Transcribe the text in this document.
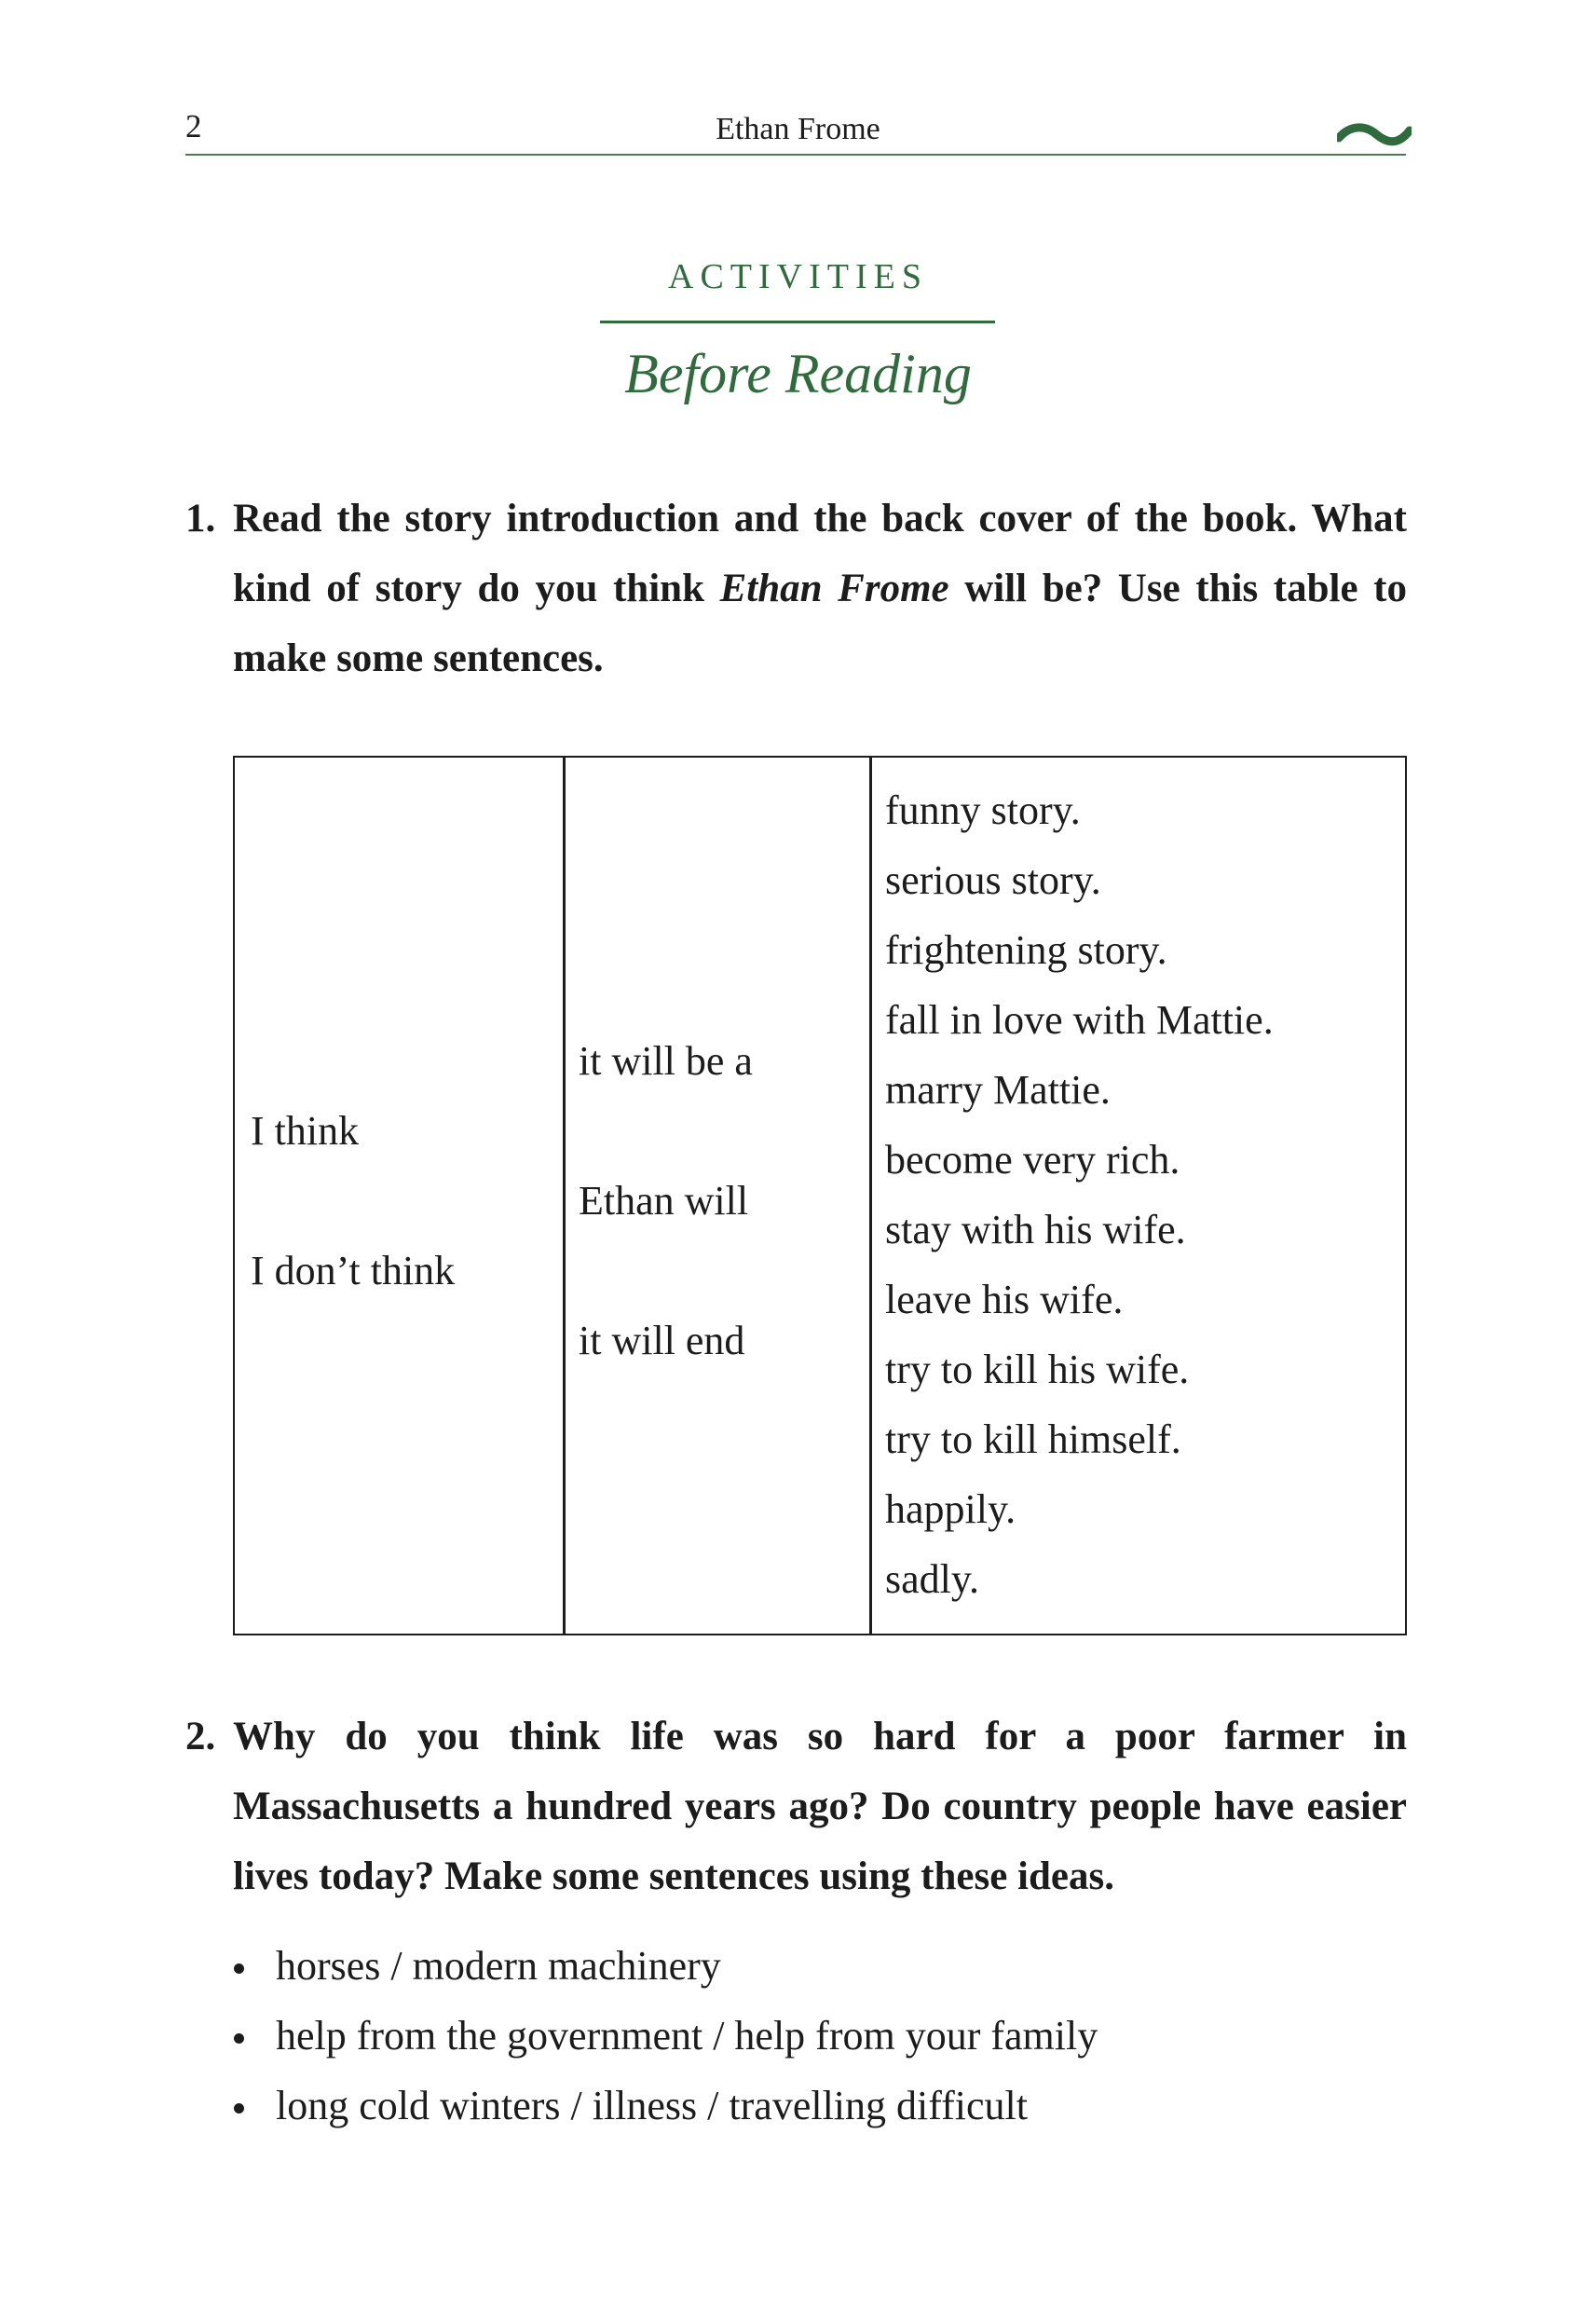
2	Ethan Frome
ACTIVITIES
Before Reading
1. Read the story introduction and the back cover of the book. What kind of story do you think Ethan Frome will be? Use this table to make some sentences.
I think
I don’t think
it will be a
Ethan will
it will end
funny story.
serious story.
frightening story.
fall in love with Mattie.
marry Mattie.
become very rich.
stay with his wife.
leave his wife.
try to kill his wife.
try to kill himself.
happily.
sadly.
2. Why do you think life was so hard for a poor farmer in Massachusetts a hundred years ago? Do country people have easier lives today? Make some sentences using these ideas.
horses / modern machinery
help from the government / help from your family
long cold winters / illness / travelling difficult
